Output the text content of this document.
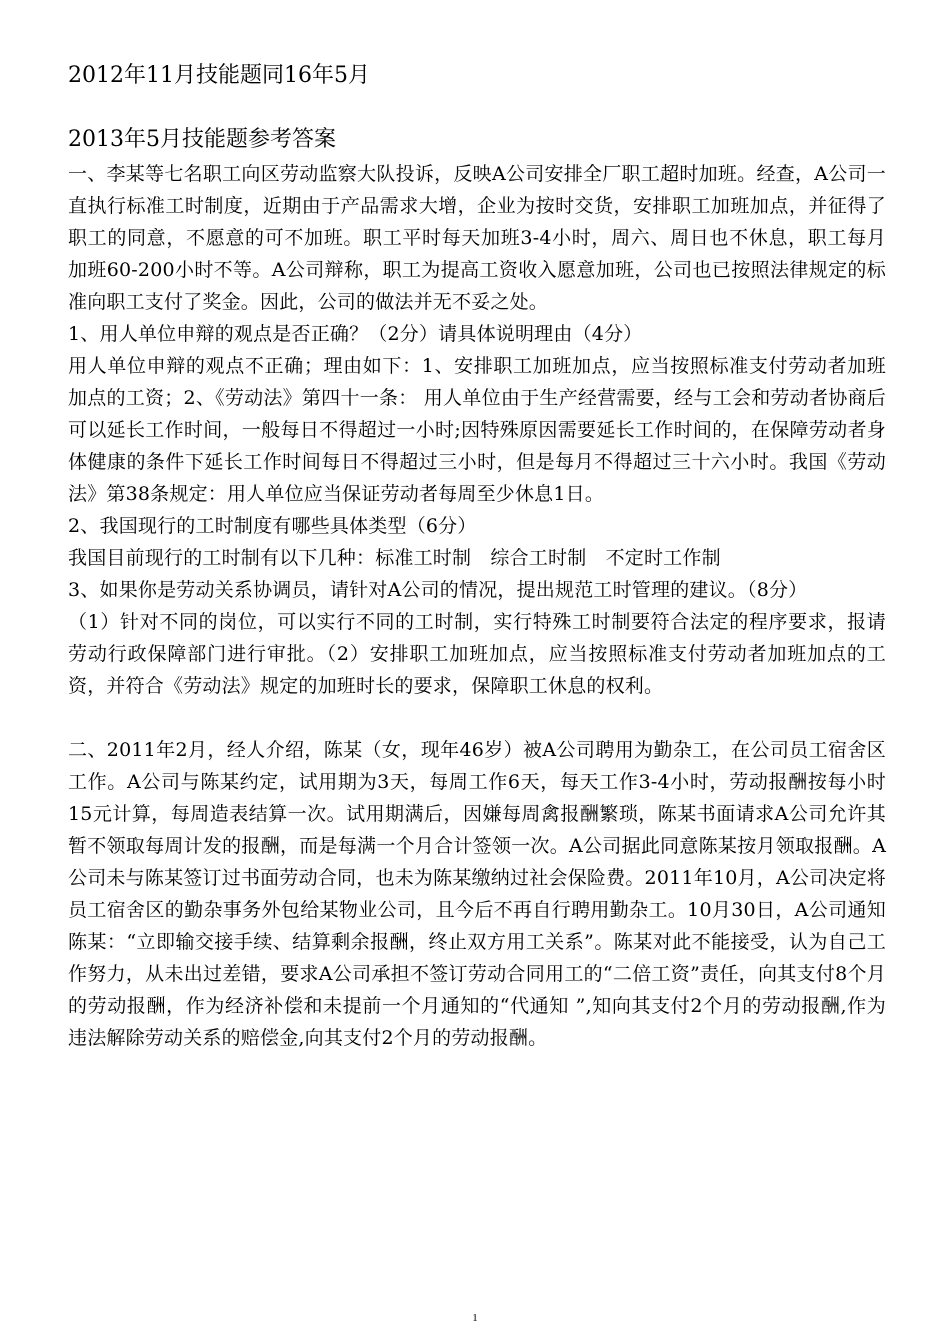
2012年11月技能题同16年5月

2013年5月技能题参考答案

一、李某等七名职工向区劳动监察大队投诉，反映A公司安排全厂职工超时加班。经查，A公司一直执行标准工时制度，近期由于产品需求大增，企业为按时交货，安排职工加班加点，并征得了职工的同意，不愿意的可不加班。职工平时每天加班3-4小时，周六、周日也不休息，职工每月加班60-200小时不等。A公司辩称，职工为提高工资收入愿意加班，公司也已按照法律规定的标准向职工支付了奖金。因此，公司的做法并无不妥之处。

1、用人单位申辩的观点是否正确？（2分）请具体说明理由（4分）

用人单位申辩的观点不正确；理由如下：1、安排职工加班加点，应当按照标准支付劳动者加班加点的工资；2、《劳动法》第四十一条： 用人单位由于生产经营需要，经与工会和劳动者协商后可以延长工作时间，一般每日不得超过一小时;因特殊原因需要延长工作时间的，在保障劳动者身体健康的条件下延长工作时间每日不得超过三小时，但是每月不得超过三十六小时。我国《劳动法》第38条规定：用人单位应当保证劳动者每周至少休息1日。

2、我国现行的工时制度有哪些具体类型（6分）

我国目前现行的工时制有以下几种：标准工时制　综合工时制　不定时工作制

3、如果你是劳动关系协调员，请针对A公司的情况，提出规范工时管理的建议。（8分）

（1）针对不同的岗位，可以实行不同的工时制，实行特殊工时制要符合法定的程序要求，报请劳动行政保障部门进行审批。（2）安排职工加班加点，应当按照标准支付劳动者加班加点的工资，并符合《劳动法》规定的加班时长的要求，保障职工休息的权利。

二、2011年2月，经人介绍，陈某（女，现年46岁）被A公司聘用为勤杂工，在公司员工宿舍区工作。A公司与陈某约定，试用期为3天，每周工作6天，每天工作3-4小时，劳动报酬按每小时15元计算，每周造表结算一次。试用期满后，因嫌每周禽报酬繁琐，陈某书面请求A公司允许其暂不领取每周计发的报酬，而是每满一个月合计签领一次。A公司据此同意陈某按月领取报酬。A公司未与陈某签订过书面劳动合同，也未为陈某缴纳过社会保险费。2011年10月，A公司决定将员工宿舍区的勤杂事务外包给某物业公司，且今后不再自行聘用勤杂工。10月30日，A公司通知陈某：“立即输交接手续、结算剩余报酬，终止双方用工关系”。陈某对此不能接受，认为自己工作努力，从未出过差错，要求A公司承担不签订劳动合同用工的“二倍工资”责任，向其支付8个月的劳动报酬，作为经济补偿和未提前一个月通知的“代通知 ”,知向其支付2个月的劳动报酬,作为违法解除劳动关系的赔偿金,向其支付2个月的劳动报酬。

1
